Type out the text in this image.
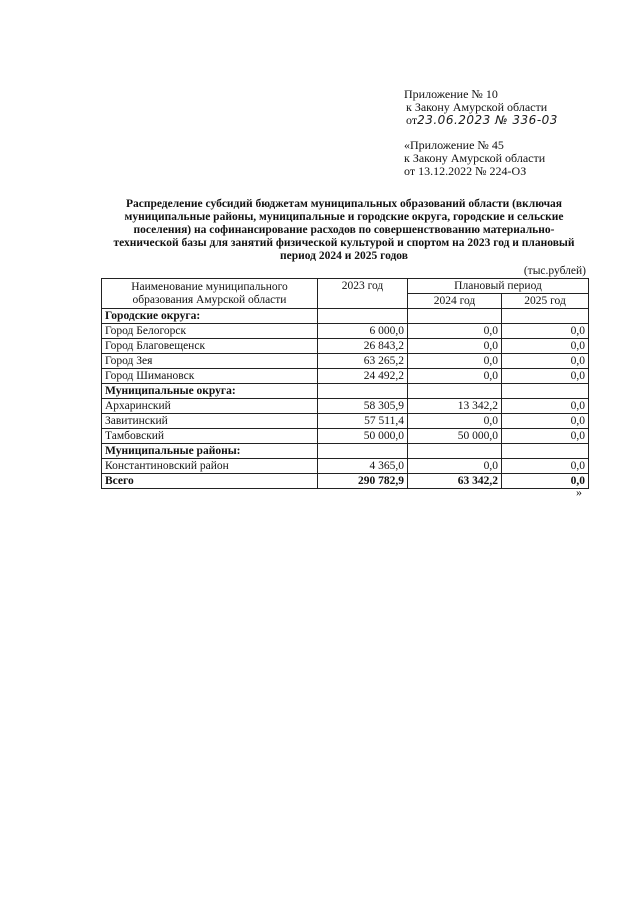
Приложение № 10
к Закону Амурской области
от23.06.2023 № 336-03
«Приложение № 45
к Закону Амурской области
от 13.12.2022 № 224-ОЗ
Распределение субсидий бюджетам муниципальных образований области (включая муниципальные районы, муниципальные и городские округа, городские и сельские поселения) на софинансирование расходов по совершенствованию материально-технической базы для занятий физической культурой и спортом на 2023 год и плановый период 2024 и 2025 годов
(тыс.рублей)
Наименование муниципального образования Амурской области	2023 год	Плановый период	
		2024 год	2025 год
Городские округа:			
Город Белогорск	6 000,0	0,0	0,0
Город Благовещенск	26 843,2	0,0	0,0
Город Зея	63 265,2	0,0	0,0
Город Шимановск	24 492,2	0,0	0,0
Муниципальные округа:			
Архаринский	58 305,9	13 342,2	0,0
Завитинский	57 511,4	0,0	0,0
Тамбовский	50 000,0	50 000,0	0,0
Муниципальные районы:			
Константиновский район	4 365,0	0,0	0,0
Всего	290 782,9	63 342,2	0,0
»
